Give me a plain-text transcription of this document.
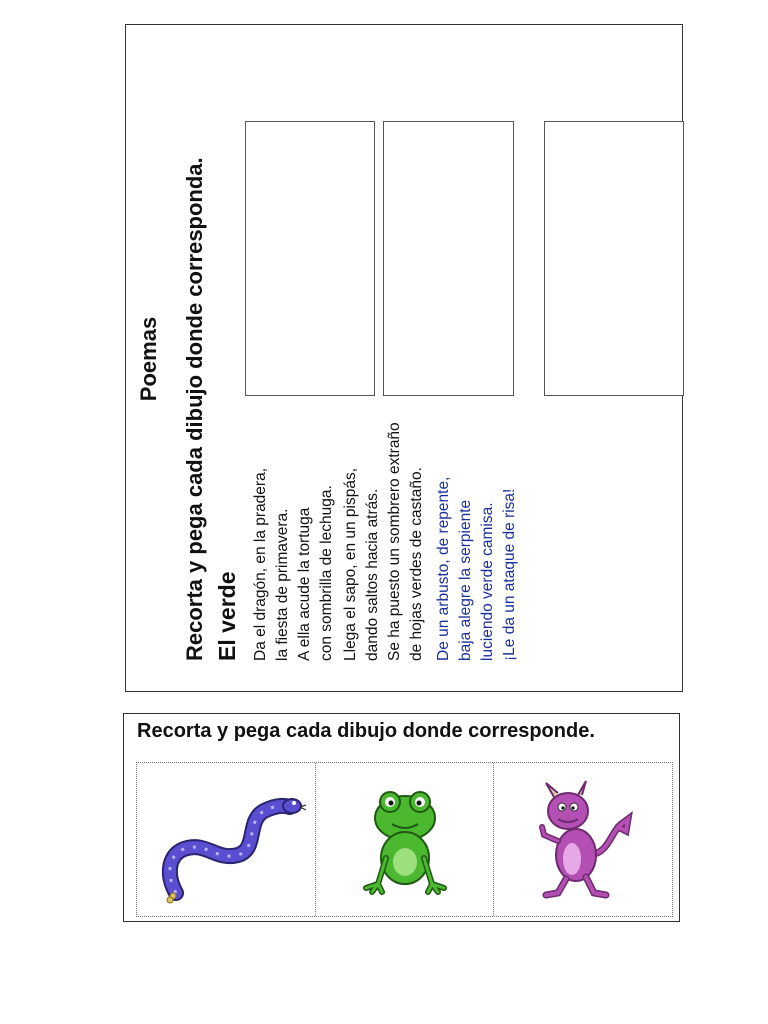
Poemas Recorta y pega cada dibujo donde corresponda. El verde Da el dragón, en la pradera, la fiesta de primavera. A ella acude la tortuga con sombrilla de lechuga. Llega el sapo, en un pispás, dando saltos hacia atrás. Se ha puesto un sombrero extraño de hojas verdes de castaño. De un arbusto, de repente, baja alegre la serpiente luciendo verde camisa. ¡Le da un ataque de risa!

Recorta y pega cada dibujo donde corresponde.
